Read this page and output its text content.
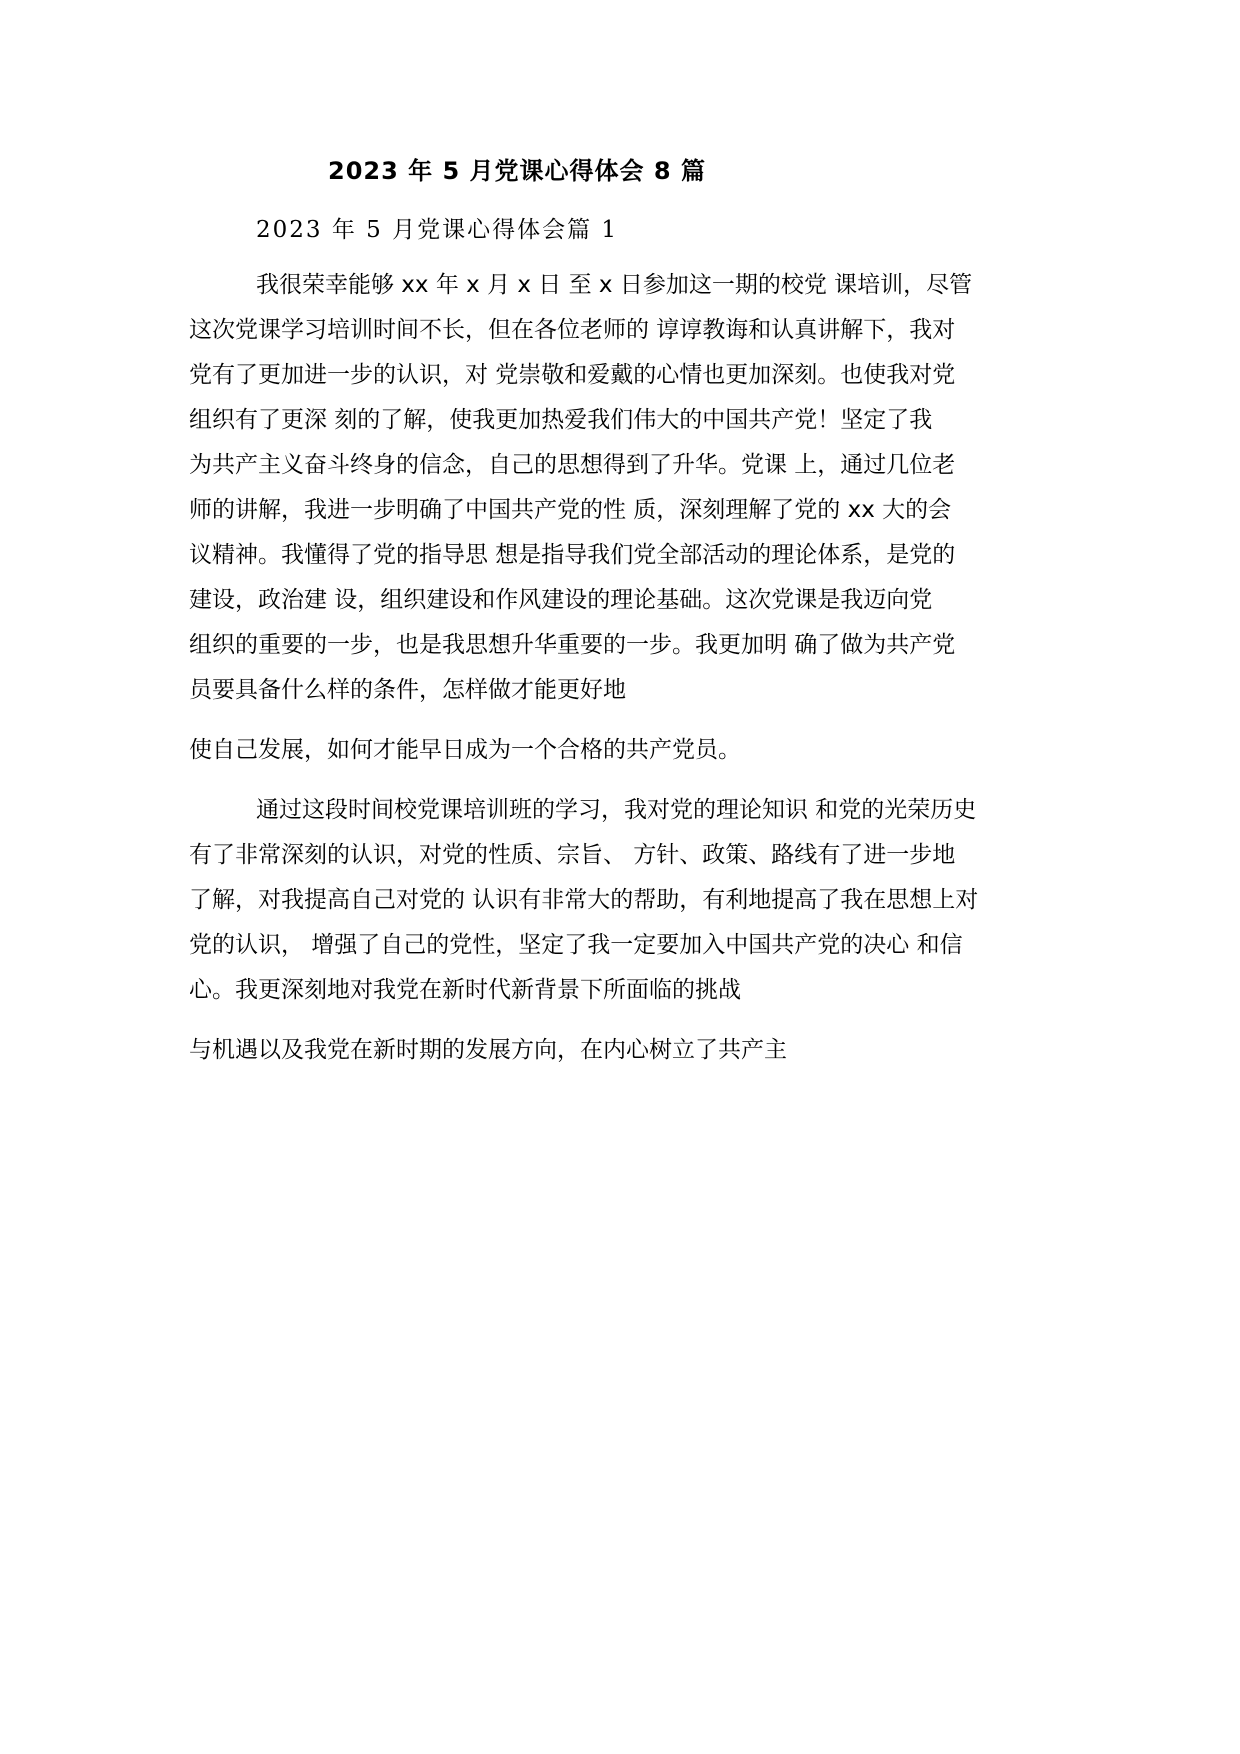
2023 年 5 月党课心得体会 8 篇
2023 年 5 月党课心得体会篇 1
我很荣幸能够 xx 年 x 月 x 日 至 x 日参加这一期的校党 课培训，尽管
这次党课学习培训时间不长，但在各位老师的 谆谆教诲和认真讲解下，我对
党有了更加进一步的认识，对 党崇敬和爱戴的心情也更加深刻。也使我对党
组织有了更深 刻的了解，使我更加热爱我们伟大的中国共产党！坚定了我
为共产主义奋斗终身的信念，自己的思想得到了升华。党课 上，通过几位老
师的讲解，我进一步明确了中国共产党的性 质，深刻理解了党的 xx 大的会
议精神。我懂得了党的指导思 想是指导我们党全部活动的理论体系，是党的
建设，政治建 设，组织建设和作风建设的理论基础。这次党课是我迈向党
组织的重要的一步，也是我思想升华重要的一步。我更加明 确了做为共产党
员要具备什么样的条件，怎样做才能更好地
使自己发展，如何才能早日成为一个合格的共产党员。
通过这段时间校党课培训班的学习，我对党的理论知识 和党的光荣历史
有了非常深刻的认识，对党的性质、宗旨、 方针、政策、路线有了进一步地
了解，对我提高自己对党的 认识有非常大的帮助，有利地提高了我在思想上对
党的认识， 增强了自己的党性，坚定了我一定要加入中国共产党的决心 和信
心。我更深刻地对我党在新时代新背景下所面临的挑战
与机遇以及我党在新时期的发展方向，在内心树立了共产主
